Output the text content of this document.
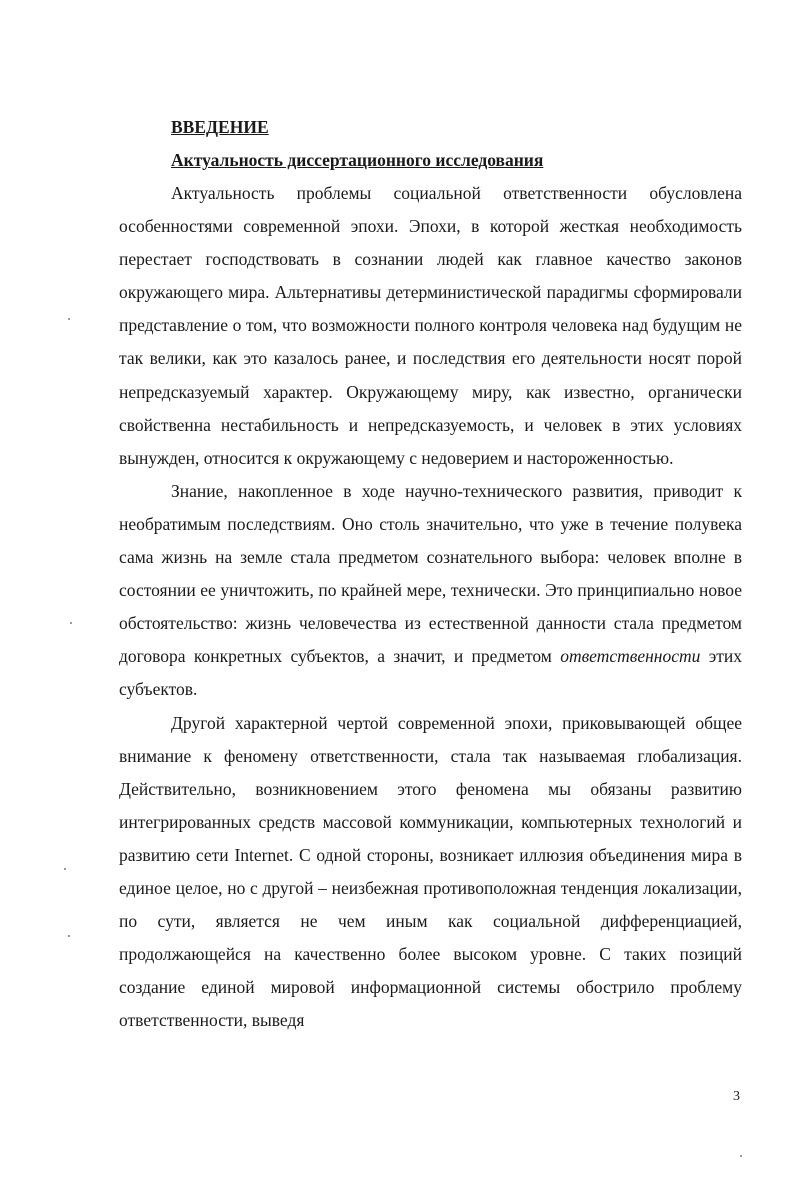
ВВЕДЕНИЕ
Актуальность диссертационного исследования

Актуальность проблемы социальной ответственности обусловлена особенностями современной эпохи. Эпохи, в которой жесткая необходимость перестает господствовать в сознании людей как главное качество законов окружающего мира. Альтернативы детерминистической парадигмы сформировали представление о том, что возможности полного контроля человека над будущим не так велики, как это казалось ранее, и последствия его деятельности носят порой непредсказуемый характер. Окружающему миру, как известно, органически свойственна нестабильность и непредсказуемость, и человек в этих условиях вынужден, относится к окружающему с недоверием и настороженностью.

Знание, накопленное в ходе научно-технического развития, приводит к необратимым последствиям. Оно столь значительно, что уже в течение полувека сама жизнь на земле стала предметом сознательного выбора: человек вполне в состоянии ее уничтожить, по крайней мере, технически. Это принципиально новое обстоятельство: жизнь человечества из естественной данности стала предметом договора конкретных субъектов, а значит, и предметом ответственности этих субъектов.

Другой характерной чертой современной эпохи, приковывающей общее внимание к феномену ответственности, стала так называемая глобализация. Действительно, возникновением этого феномена мы обязаны развитию интегрированных средств массовой коммуникации, компьютерных технологий и развитию сети Internet. С одной стороны, возникает иллюзия объединения мира в единое целое, но с другой – неизбежная противоположная тенденция локализации, по сути, является не чем иным как социальной дифференциацией, продолжающейся на качественно более высоком уровне. С таких позиций создание единой мировой информационной системы обострило проблему ответственности, выведя

3
